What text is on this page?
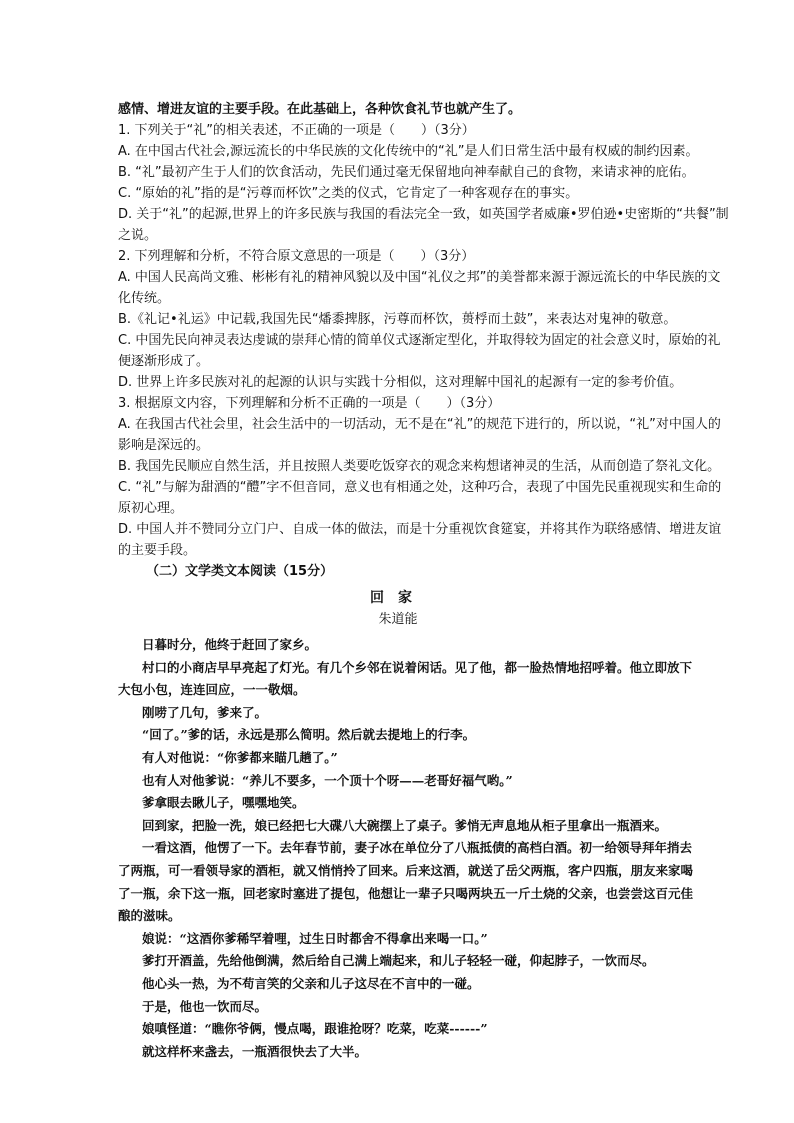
感情、增进友谊的主要手段。在此基础上，各种饮食礼节也就产生了。

1. 下列关于“礼”的相关表述，不正确的一项是（　　）（3分）

A. 在中国古代社会,源远流长的中华民族的文化传统中的“礼”是人们日常生活中最有权威的制约因素。

B. “礼”最初产生于人们的饮食活动，先民们通过毫无保留地向神奉献自己的食物，来请求神的庇佑。

C. “原始的礼”指的是“污尊而杯饮”之类的仪式，它肯定了一种客观存在的事实。

D. 关于“礼”的起源,世界上的许多民族与我国的看法完全一致，如英国学者威廉•罗伯逊•史密斯的“共餐”制

之说。

2. 下列理解和分析，不符合原文意思的一项是（　　）（3分）

A. 中国人民高尚文雅、彬彬有礼的精神风貌以及中国“礼仪之邦”的美誉都来源于源远流长的中华民族的文

化传统。

B.《礼记•礼运》中记载,我国先民“燔黍捭豚，污尊而杯饮，蒉桴而土鼓”，来表达对鬼神的敬意。

C. 中国先民向神灵表达虔诚的崇拜心情的简单仪式逐渐定型化，并取得较为固定的社会意义时，原始的礼

便逐渐形成了。

D. 世界上许多民族对礼的起源的认识与实践十分相似，这对理解中国礼的起源有一定的参考价值。

3. 根据原文内容，下列理解和分析不正确的一项是（　　）（3分）

A. 在我国古代社会里，社会生活中的一切活动，无不是在“礼”的规范下进行的，所以说，“礼”对中国人的

影响是深远的。

B. 我国先民顺应自然生活，并且按照人类要吃饭穿衣的观念来构想诸神灵的生活，从而创造了祭礼文化。

C. “礼”与解为甜酒的“醴”字不但音同，意义也有相通之处，这种巧合，表现了中国先民重视现实和生命的

原初心理。

D. 中国人并不赞同分立门户、自成一体的做法，而是十分重视饮食筵宴，并将其作为联络感情、增进友谊

的主要手段。

（二）文学类文本阅读（15分）

回家
朱道能

日暮时分，他终于赶回了家乡。

村口的小商店早早亮起了灯光。有几个乡邻在说着闲话。见了他，都一脸热情地招呼着。他立即放下

大包小包，连连回应，一一敬烟。

刚唠了几句，爹来了。

“回了。”爹的话，永远是那么简明。然后就去提地上的行李。

有人对他说：“你爹都来瞄几趟了。”

也有人对他爹说：“养儿不要多，一个顶十个呀——老哥好福气哟。”

爹拿眼去瞅儿子，嘿嘿地笑。

回到家，把脸一洗，娘已经把七大碟八大碗摆上了桌子。爹悄无声息地从柜子里拿出一瓶酒来。

一看这酒，他愣了一下。去年春节前，妻子冰在单位分了八瓶抵债的高档白酒。初一给领导拜年捎去

了两瓶，可一看领导家的酒柜，就又悄悄拎了回来。后来这酒，就送了岳父两瓶，客户四瓶，朋友来家喝

了一瓶，余下这一瓶，回老家时塞进了提包，他想让一辈子只喝两块五一斤土烧的父亲，也尝尝这百元佳

酿的滋味。

娘说：“这酒你爹稀罕着哩，过生日时都舍不得拿出来喝一口。”

爹打开酒盖，先给他倒满，然后给自己满上端起来，和儿子轻轻一碰，仰起脖子，一饮而尽。

他心头一热，为不苟言笑的父亲和儿子这尽在不言中的一碰。

于是，他也一饮而尽。

娘嗔怪道：“瞧你爷俩，慢点喝，跟谁抢呀？吃菜，吃菜------”

就这样杯来盏去，一瓶酒很快去了大半。
